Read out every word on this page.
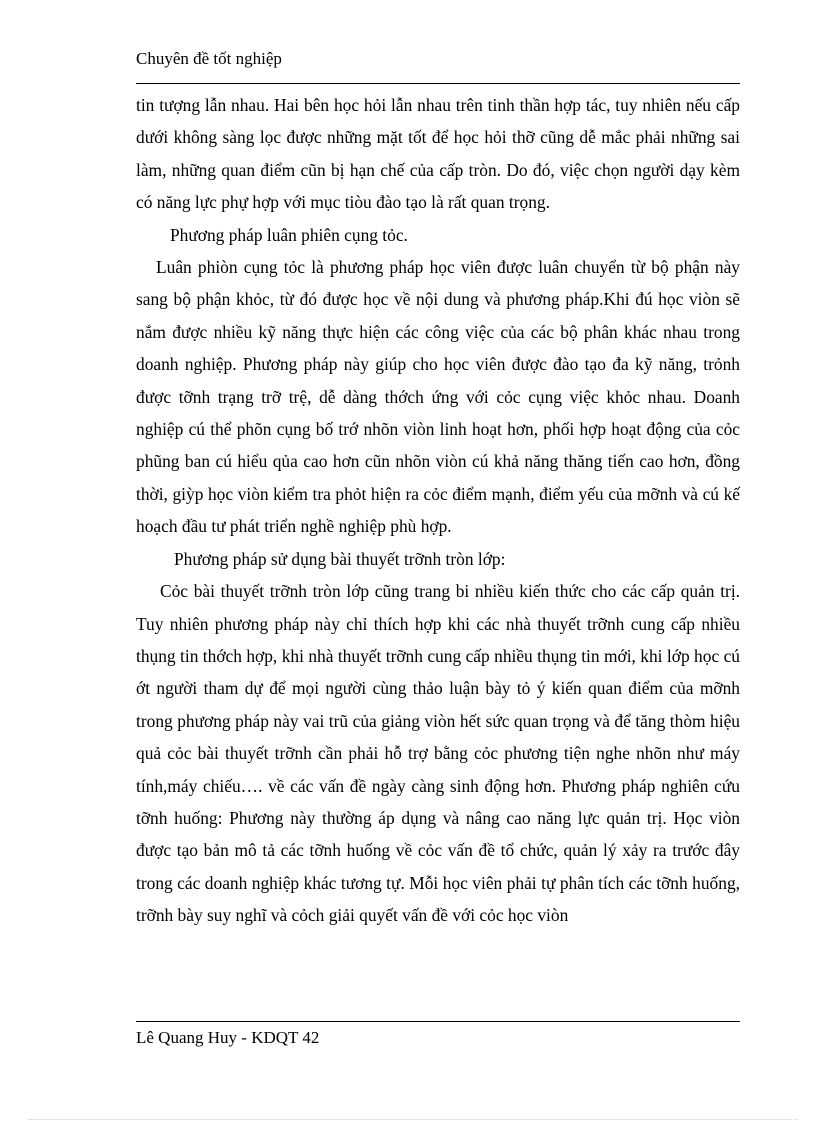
Chuyên đề tốt nghiệp

tin tượng lẫn nhau. Hai bên học hỏi lẫn nhau trên tinh thần hợp tác, tuy nhiên nếu cấp dưới không sàng lọc được những mặt tốt để học hỏi thỡ cũng dễ mắc phải những sai làm, những quan điểm cũn bị hạn chế của cấp tròn. Do đó, việc chọn người dạy kèm có năng lực phự hợp với mục tiòu đào tạo là rất quan trọng.

Phương pháp luân phiên cụng tỏc.

Luân phiòn cụng tỏc là phương pháp học viên được luân chuyển từ bộ phận này sang bộ phận khỏc, từ đó được học về nội dung và phương pháp.Khi đú học viòn sẽ nắm được nhiều kỹ năng thực hiện các công việc của các bộ phân khác nhau trong doanh nghiệp. Phương pháp này giúp cho học viên được đào tạo đa kỹ năng, trỏnh được tỡnh trạng trỡ trệ, dễ dàng thớch ứng với cỏc cụng việc khỏc nhau. Doanh nghiệp cú thể phõn cụng bố trớ nhõn viòn linh hoạt hơn, phối hợp hoạt động của cỏc phũng ban cú hiểu qủa cao hơn cũn nhõn viòn cú khả năng thăng tiến cao hơn, đồng thời, giỳp học viòn kiểm tra phỏt hiện ra cỏc điểm mạnh, điểm yếu của mỡnh và cú kế hoạch đầu tư phát triển nghề nghiệp phù hợp.

Phương pháp sử dụng bài thuyết trỡnh tròn lớp:

Cỏc bài thuyết trỡnh tròn lớp cũng trang bi nhiều kiến thức cho các cấp quản trị. Tuy nhiên phương pháp này chỉ thích hợp khi các nhà thuyết trỡnh cung cấp nhiều thụng tin thớch hợp, khi nhà thuyết trỡnh cung cấp nhiều thụng tin mới, khi lớp học cú ớt người tham dự để mọi người cùng thảo luận bày tỏ ý kiến quan điểm của mỡnh trong phương pháp này vai trũ của giảng viòn hết sức quan trọng và để tăng thòm hiệu quả cỏc bài thuyết trỡnh cần phải hỗ trợ bằng cỏc phương tiện nghe nhõn như máy tính,máy chiếu…. về các vấn đề ngày càng sinh động hơn. Phương pháp nghiên cứu tỡnh huống: Phương này thường áp dụng và nâng cao năng lực quản trị. Học viòn được tạo bản mô tả các tỡnh huống về cỏc vấn đề tổ chức, quản lý xảy ra trước đây trong các doanh nghiệp khác tương tự. Mỗi học viên phải tự phân tích các tỡnh huống, trỡnh bày suy nghĩ và cỏch giải quyết vấn đề với cỏc học viòn

Lê Quang Huy - KDQT 42
